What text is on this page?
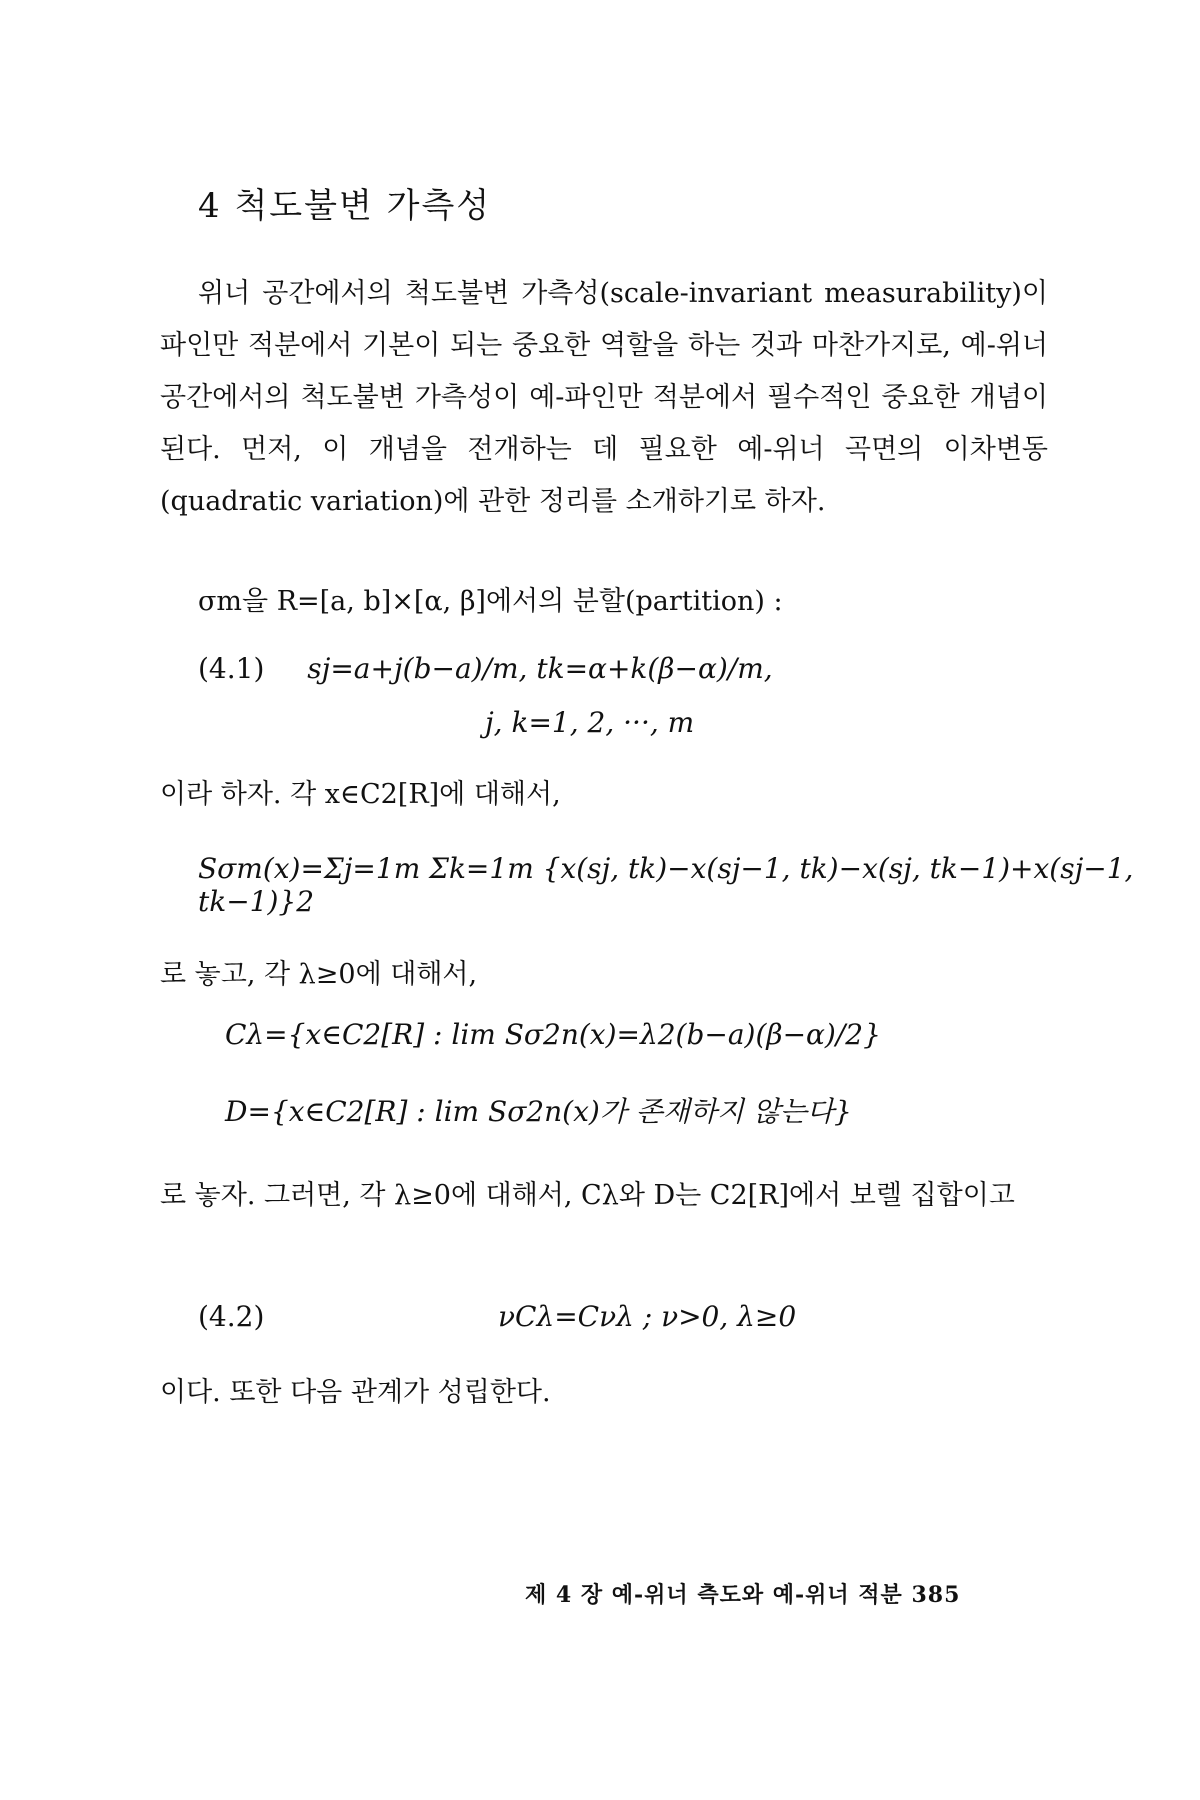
4 척도불변 가측성
위너 공간에서의 척도불변 가측성(scale-invariant measurability)이 파인만 적분에서 기본이 되는 중요한 역할을 하는 것과 마찬가지로, 예-위너 공간에서의 척도불변 가측성이 예-파인만 적분에서 필수적인 중요한 개념이 된다. 먼저, 이 개념을 전개하는 데 필요한 예-위너 곡면의 이차변동(quadratic variation)에 관한 정리를 소개하기로 하자.
σm을 R=[a, b]×[α, β]에서의 분할(partition) :
(4.1) sj=a+j(b−a)/m, tk=α+k(β−α)/m,
j, k=1, 2, ···, m
이라 하자. 각 x∈C2[R]에 대해서,
Sσm(x)=Σj=1m Σk=1m {x(sj, tk)−x(sj−1, tk)−x(sj, tk−1)+x(sj−1, tk−1)}2
로 놓고, 각 λ≥0에 대해서,
Cλ={x∈C2[R] : lim Sσ2n(x)=λ2(b−a)(β−α)/2}
D={x∈C2[R] : lim Sσ2n(x)가 존재하지 않는다}
로 놓자. 그러면, 각 λ≥0에 대해서, Cλ와 D는 C2[R]에서 보렐 집합이고
(4.2)	νCλ=Cνλ ; ν>0, λ≥0
이다. 또한 다음 관계가 성립한다.
제 4 장 예-위너 측도와 예-위너 적분 385
